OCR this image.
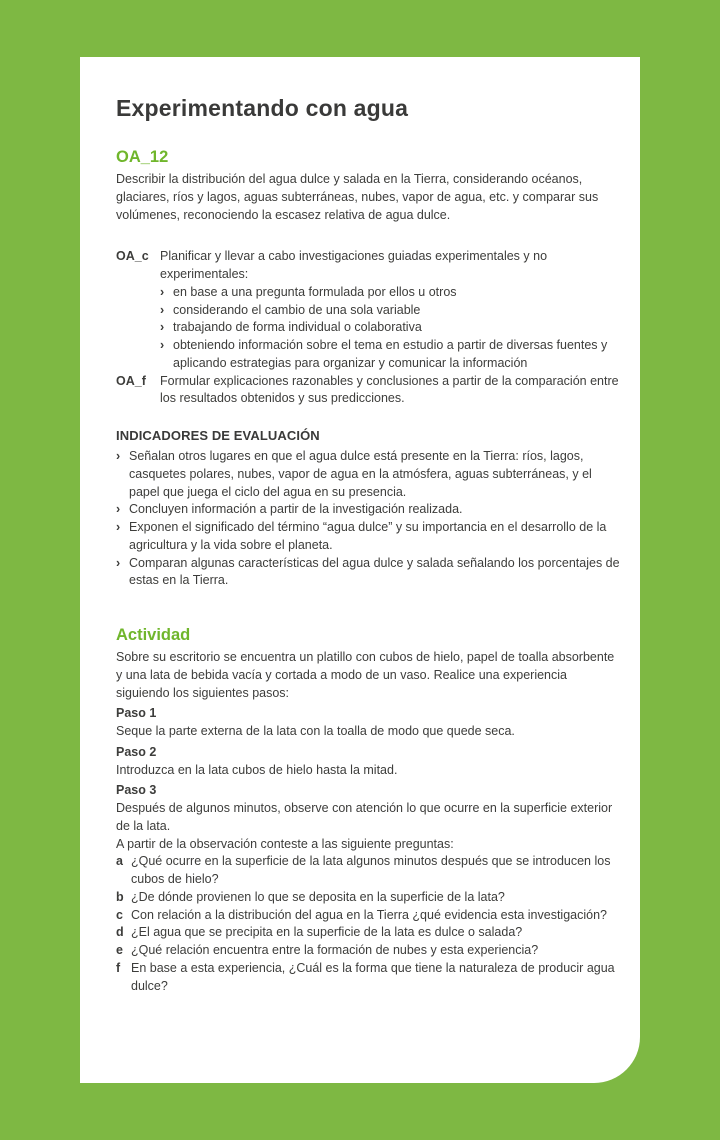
Experimentando con agua
OA_12

Describir la distribución del agua dulce y salada en la Tierra, considerando océanos, glaciares, ríos y lagos, aguas subterráneas, nubes, vapor de agua, etc. y comparar sus volúmenes, reconociendo la escasez relativa de agua dulce.

OA_c Planificar y llevar a cabo investigaciones guiadas experimentales y no experimentales:

› en base a una pregunta formulada por ellos u otros
› considerando el cambio de una sola variable
› trabajando de forma individual o colaborativa
› obteniendo información sobre el tema en estudio a partir de diversas fuentes y aplicando estrategias para organizar y comunicar la información
OA_f	Formular explicaciones razonables y conclusiones a partir de la comparación entre los resultados obtenidos y sus predicciones.

INDICADORES DE EVALUACIÓN
› Señalan otros lugares en que el agua dulce está presente en la Tierra: ríos, lagos, casquetes polares, nubes, vapor de agua en la atmósfera, aguas subterráneas, y el papel que juega el ciclo del agua en su presencia.
› Concluyen información a partir de la investigación realizada.
› Exponen el significado del término “agua dulce” y su importancia en el desarrollo de la agricultura y la vida sobre el planeta.
› Comparan algunas características del agua dulce y salada señalando los porcentajes de estas en la Tierra.
Actividad

Sobre su escritorio se encuentra un platillo con cubos de hielo, papel de toalla absorbente y una lata de bebida vacía y cortada a modo de un vaso. Realice una experiencia siguiendo los siguientes pasos:

Paso 1

Seque la parte externa de la lata con la toalla de modo que quede seca.

Paso 2

Introduzca en la lata cubos de hielo hasta la mitad.

Paso 3

Después de algunos minutos, observe con atención lo que ocurre en la superficie exterior de la lata.

A partir de la observación conteste a las siguiente preguntas:

a ¿Qué ocurre en la superficie de la lata algunos minutos después que se introducen los cubos de hielo?
b ¿De dónde provienen lo que se deposita en la superficie de la lata?
c Con relación a la distribución del agua en la Tierra ¿qué evidencia esta investigación?
d ¿El agua que se precipita en la superficie de la lata es dulce o salada?
e ¿Qué relación encuentra entre la formación de nubes y esta experiencia?
f En base a esta experiencia, ¿Cuál es la forma que tiene la naturaleza de producir agua dulce?
